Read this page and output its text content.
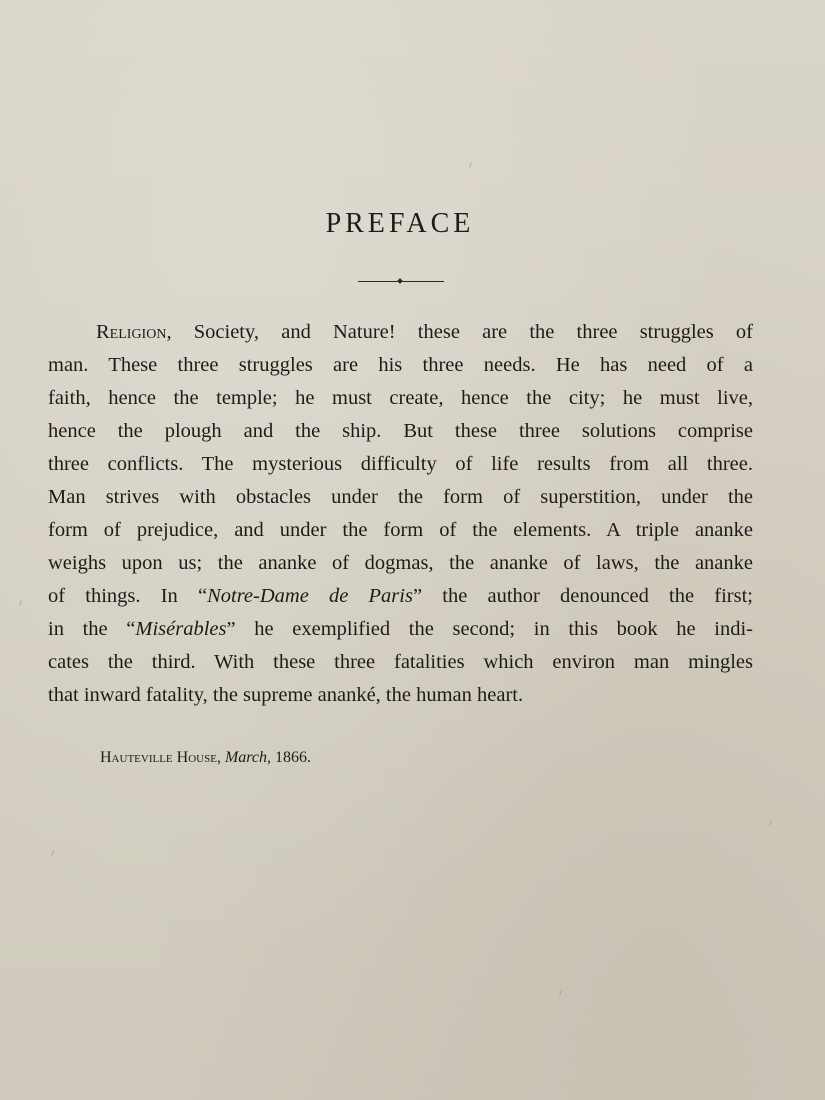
PREFACE

Religion, Society, and Nature! these are the three struggles of
man. These three struggles are his three needs. He has need of a
faith, hence the temple; he must create, hence the city; he must live,
hence the plough and the ship. But these three solutions comprise
three conflicts. The mysterious difficulty of life results from all three.
Man strives with obstacles under the form of superstition, under the
form of prejudice, and under the form of the elements. A triple ananke
weighs upon us; the ananke of dogmas, the ananke of laws, the ananke
of things. In “Notre-Dame de Paris” the author denounced the first;
in the “Misérables” he exemplified the second; in this book he indi-
cates the third. With these three fatalities which environ man mingles
that inward fatality, the supreme ananké, the human heart.

Hauteville House, March, 1866.
